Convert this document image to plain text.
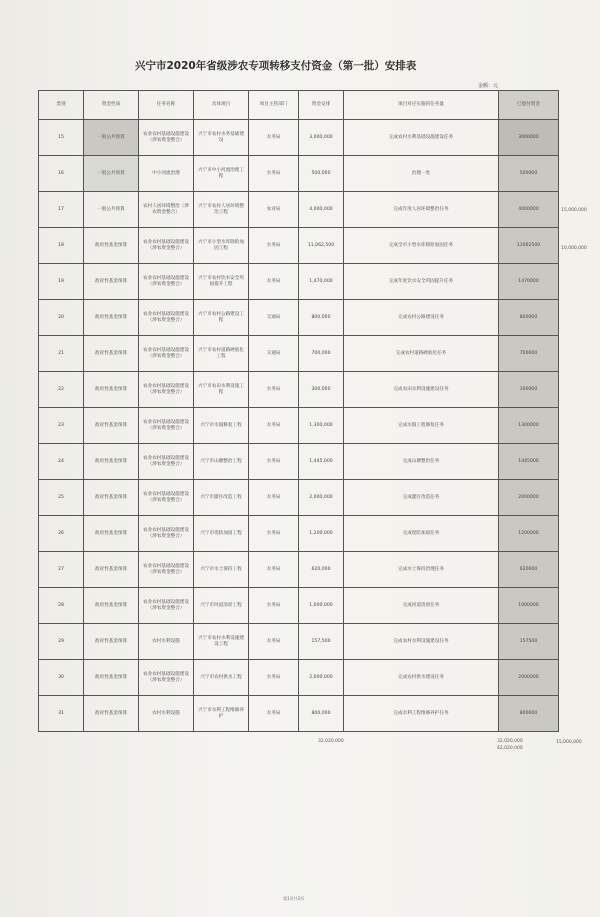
兴宁市2020年省级涉农专项转移支付资金（第一批）安排表
金额：元
类别	资金性质	任务名称	具体项目	项目主管部门	资金安排	项目对应实施的任务量	已拨付资金
15	一般公共预算	农业农村基础设施建设（涉农资金整合）	兴宁市农村水务基础建设	水务局	3,000,000	完成农村水利基础设施建设任务	3000000
16	一般公共预算	中小河流治理	兴宁市中小河流治理工程	水务局	500,000	治理一处	500000
17	一般公共预算	农村人居环境整治（涉农资金整合）	兴宁市农村人居环境整治工程	农业局	4,000,000	完成年度人居环境整治任务	4000000
18	政府性基金预算	农业农村基础设施建设（涉农资金整合）	兴宁市小型水库除险加固工程	水务局	11,062,500	完成全市小型水库除险加固任务	11062500
19	政府性基金预算	农业农村基础设施建设（涉农资金整合）	兴宁市农村饮水安全巩固提升工程	水务局	1,470,000	完成年度饮水安全巩固提升任务	1470000
20	政府性基金预算	农业农村基础设施建设（涉农资金整合）	兴宁市农村公路建设工程	交通局	800,000	完成农村公路建设任务	800000
21	政府性基金预算	农业农村基础设施建设（涉农资金整合）	兴宁市农村道路硬底化工程	交通局	700,000	完成农村道路硬底化任务	700000
22	政府性基金预算	农业农村基础设施建设（涉农资金整合）	兴宁市农田水利设施工程	水务局	300,000	完成农田水利设施建设任务	300000
23	政府性基金预算	农业农村基础设施建设（涉农资金整合）	兴宁市水毁修复工程	水务局	1,300,000	完成水毁工程修复任务	1300000
24	政府性基金预算	农业农村基础设施建设（涉农资金整合）	兴宁市山塘整治工程	水务局	1,445,000	完成山塘整治任务	1445000
25	政府性基金预算	农业农村基础设施建设（涉农资金整合）	兴宁市灌区改造工程	水务局	2,000,000	完成灌区改造任务	2000000
26	政府性基金预算	农业农村基础设施建设（涉农资金整合）	兴宁市堤防加固工程	水务局	1,200,000	完成堤防加固任务	1200000
27	政府性基金预算	农业农村基础设施建设（涉农资金整合）	兴宁市水土保持工程	水务局	620,000	完成水土保持治理任务	620000
28	政府性基金预算	农业农村基础设施建设（涉农资金整合）	兴宁市河道清淤工程	水务局	1,000,000	完成河道清淤任务	1000000
29	政府性基金预算	农村水利设施	兴宁市农村水利设施建设工程	水务局	157,500	完成农村水利设施建设任务	157500
30	政府性基金预算	农业农村基础设施建设（涉农资金整合）	兴宁市农村供水工程	水务局	2,000,000	完成农村供水建设任务	2000000
31	政府性基金预算	农村水利设施	兴宁市水利工程维修养护	水务局	800,000	完成水利工程维修养护任务	800000
32,020,000	32,020,000
42,020,000
15,000,000
15,000,000
10,000,000
第1页共3页
